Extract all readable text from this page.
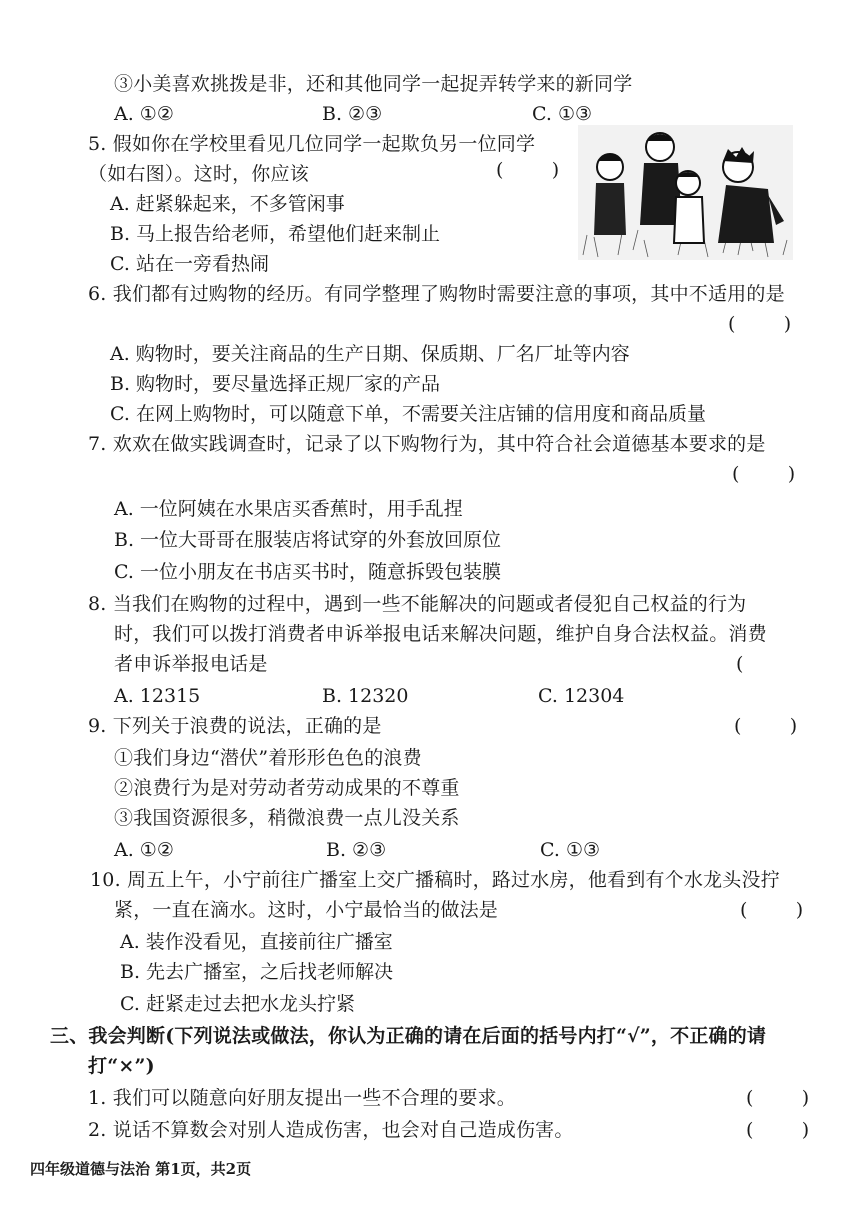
③小美喜欢挑拨是非，还和其他同学一起捉弄转学来的新同学
A. ①②	B. ②③	C. ①③
5. 假如你在学校里看见几位同学一起欺负另一位同学
（如右图）。这时，你应该	(        )
A. 赶紧躲起来，不多管闲事
B. 马上报告给老师，希望他们赶来制止
C. 站在一旁看热闹
6. 我们都有过购物的经历。有同学整理了购物时需要注意的事项，其中不适用的是
(        )
A. 购物时，要关注商品的生产日期、保质期、厂名厂址等内容
B. 购物时，要尽量选择正规厂家的产品
C. 在网上购物时，可以随意下单，不需要关注店铺的信用度和商品质量
7. 欢欢在做实践调查时，记录了以下购物行为，其中符合社会道德基本要求的是
(        )
A. 一位阿姨在水果店买香蕉时，用手乱捏
B. 一位大哥哥在服装店将试穿的外套放回原位
C. 一位小朋友在书店买书时，随意拆毁包装膜
8. 当我们在购物的过程中，遇到一些不能解决的问题或者侵犯自己权益的行为
时，我们可以拨打消费者申诉举报电话来解决问题，维护自身合法权益。消费
者申诉举报电话是	(
A. 12315	B. 12320	C. 12304
9. 下列关于浪费的说法，正确的是	(        )
①我们身边“潜伏”着形形色色的浪费
②浪费行为是对劳动者劳动成果的不尊重
③我国资源很多，稍微浪费一点儿没关系
A. ①②	B. ②③	C. ①③
10. 周五上午，小宁前往广播室上交广播稿时，路过水房，他看到有个水龙头没拧
紧，一直在滴水。这时，小宁最恰当的做法是	(        )
A. 装作没看见，直接前往广播室
B. 先去广播室，之后找老师解决
C. 赶紧走过去把水龙头拧紧
三、我会判断(下列说法或做法，你认为正确的请在后面的括号内打“√”，不正确的请
打“×”)
1. 我们可以随意向好朋友提出一些不合理的要求。	(        )
2. 说话不算数会对别人造成伤害，也会对自己造成伤害。	(        )
四年级道德与法治 第1页，共2页
